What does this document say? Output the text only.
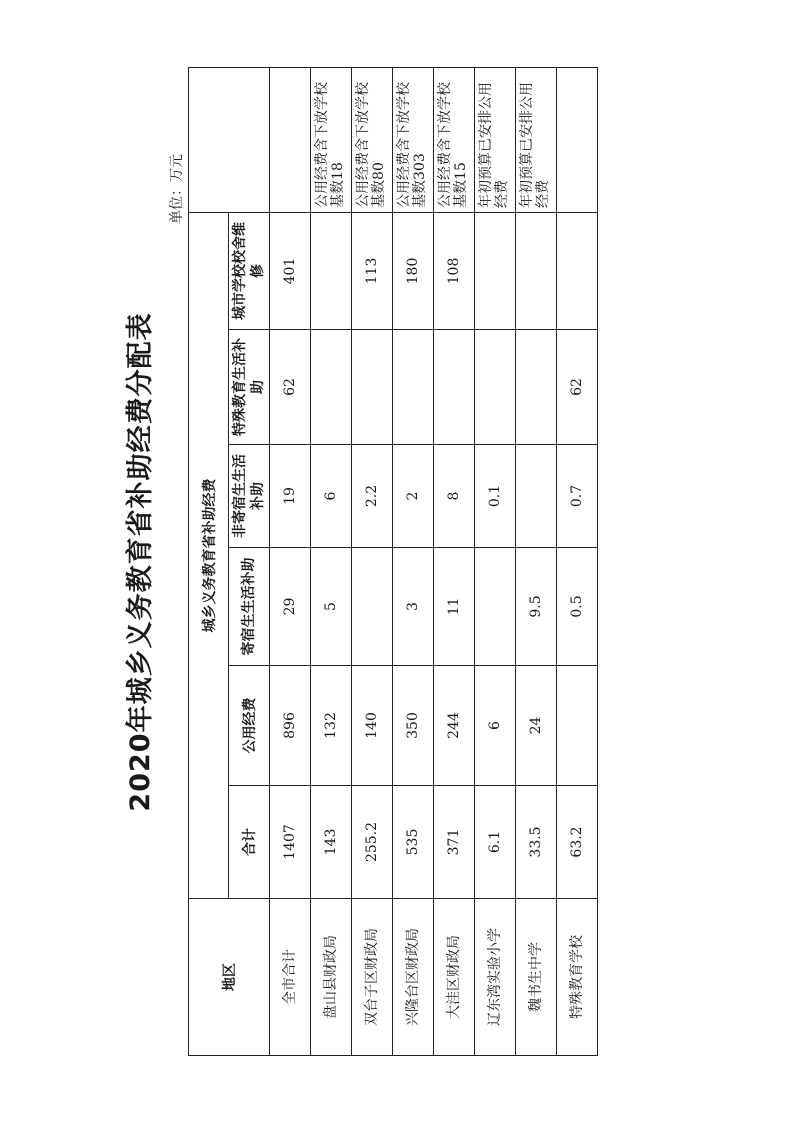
2020年城乡义务教育省补助经费分配表
单位：万元
地区	城乡义务教育省补助经费						
	合计	公用经费	寄宿生生活补助	非寄宿生生活补助	特殊教育生活补助	城市学校校舍维修	
全市合计	1407	896	29	19	62	401	
盘山县财政局	143	132	5	6			公用经费含下放学校基数18
双台子区财政局	255.2	140		2.2		113	公用经费含下放学校基数80
兴隆台区财政局	535	350	3	2		180	公用经费含下放学校基数303
大洼区财政局	371	244	11	8		108	公用经费含下放学校基数15
辽东湾实验小学	6.1	6		0.1			年初预算已安排公用经费
魏书生中学	33.5	24	9.5				年初预算已安排公用经费
特殊教育学校	63.2		0.5	0.7	62		
